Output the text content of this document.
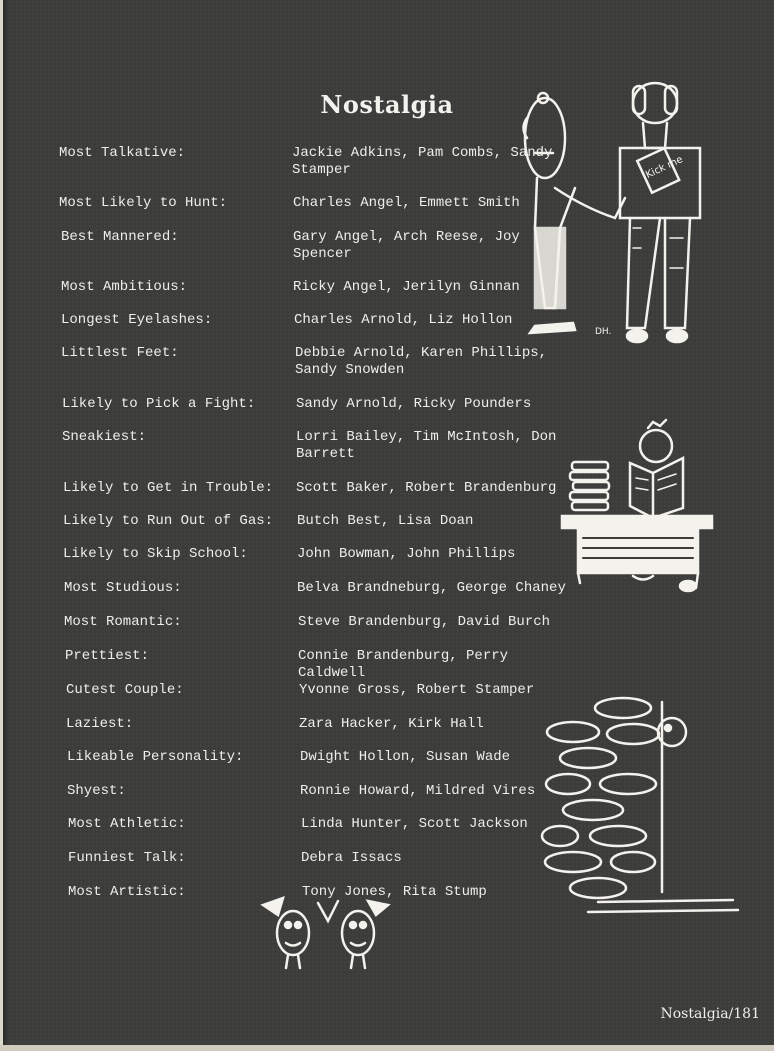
Nostalgia
Most Talkative:	Jackie Adkins, Pam Combs, Sandy Stamper
Most Likely to Hunt:	Charles Angel, Emmett Smith
Best Mannered:	Gary Angel, Arch Reese, Joy Spencer
Most Ambitious:	Ricky Angel, Jerilyn Ginnan
Longest Eyelashes:	Charles Arnold, Liz Hollon
Littlest Feet:	Debbie Arnold, Karen Phillips, Sandy Snowden
Likely to Pick a Fight:	Sandy Arnold, Ricky Pounders
Sneakiest:	Lorri Bailey, Tim McIntosh, Don Barrett
Likely to Get in Trouble: Scott Baker, Robert Brandenburg
Likely to Run Out of Gas: Butch Best, Lisa Doan
Likely to Skip School:	John Bowman, John Phillips
Most Studious:	Belva Brandneburg, George Chaney
Most Romantic:	Steve Brandenburg, David Burch
Prettiest:	Connie Brandenburg, Perry Caldwell
Cutest Couple:	Yvonne Gross, Robert Stamper
Laziest:	Zara Hacker, Kirk Hall
Likeable Personality:	Dwight Hollon, Susan Wade
Shyest:	Ronnie Howard, Mildred Vires
Most Athletic:	Linda Hunter, Scott Jackson
Funniest Talk:	Debra Issacs
Most Artistic:	Tony Jones, Rita Stump
Kick me
DH.
Nostalgia/181
